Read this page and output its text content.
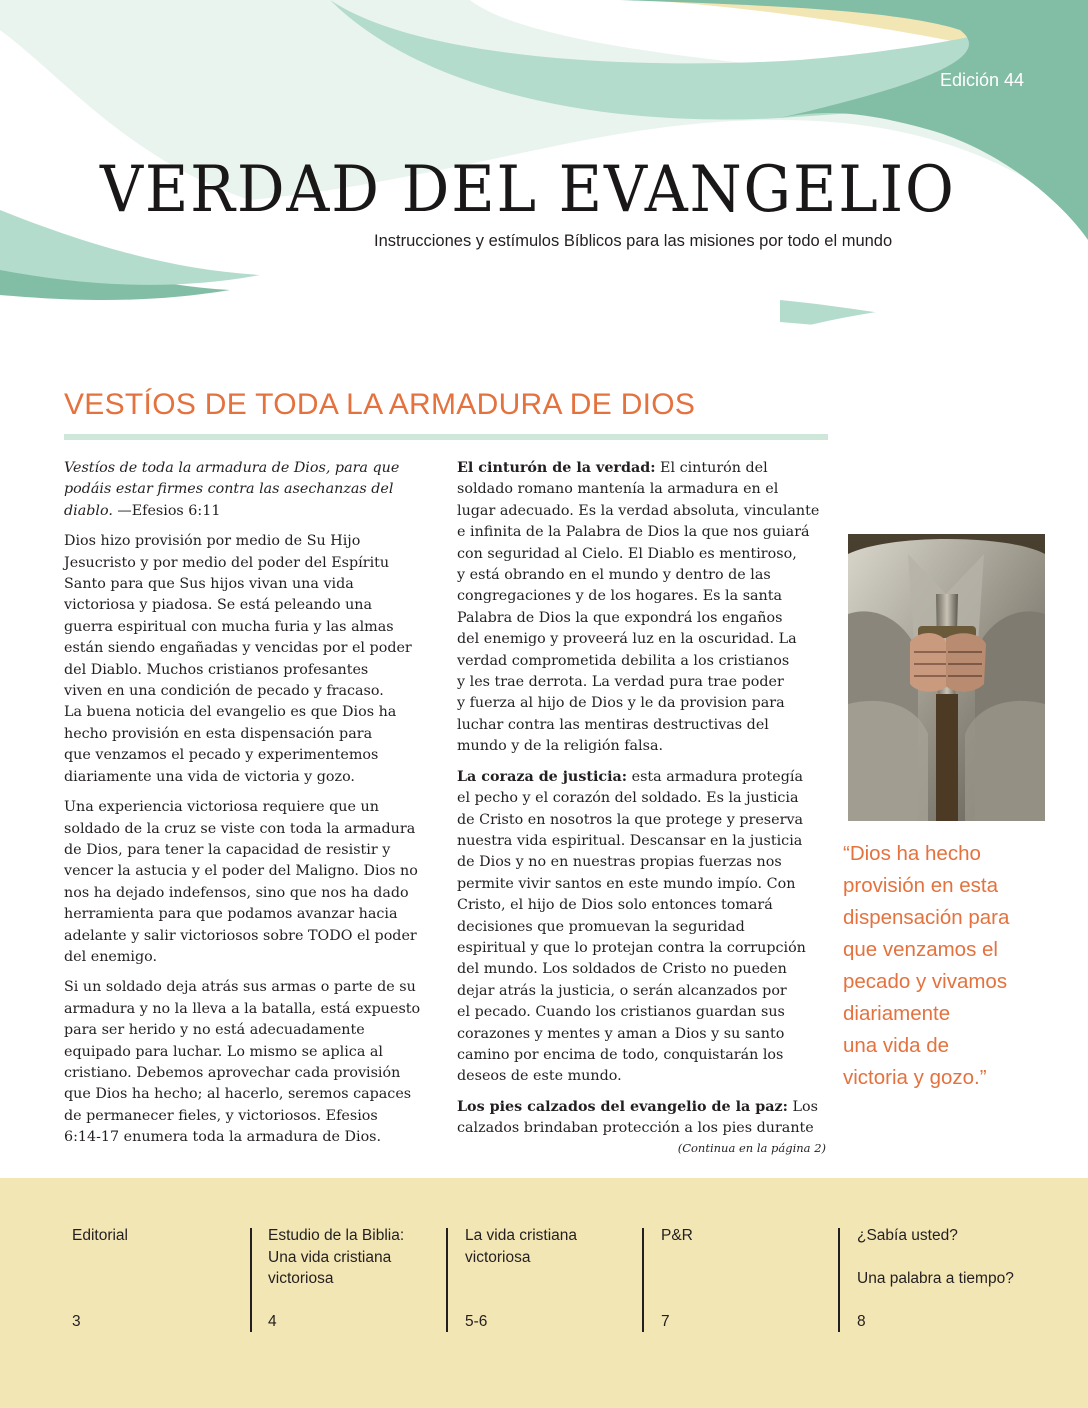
Edición 44
VERDAD DEL EVANGELIO
Instrucciones y estímulos Bíblicos para las misiones por todo el mundo
VESTÍOS DE TODA LA ARMADURA DE DIOS

Vestíos de toda la armadura de Dios, para que
podáis estar firmes contra las asechanzas del
diablo. —Efesios 6:11

Dios hizo provisión por medio de Su Hijo
Jesucristo y por medio del poder del Espíritu
Santo para que Sus hijos vivan una vida
victoriosa y piadosa. Se está peleando una
guerra espiritual con mucha furia y las almas
están siendo engañadas y vencidas por el poder
del Diablo. Muchos cristianos profesantes
viven en una condición de pecado y fracaso.
La buena noticia del evangelio es que Dios ha
hecho provisión en esta dispensación para
que venzamos el pecado y experimentemos
diariamente una vida de victoria y gozo.

Una experiencia victoriosa requiere que un
soldado de la cruz se viste con toda la armadura
de Dios, para tener la capacidad de resistir y
vencer la astucia y el poder del Maligno. Dios no
nos ha dejado indefensos, sino que nos ha dado
herramienta para que podamos avanzar hacia
adelante y salir victoriosos sobre TODO el poder
del enemigo.

Si un soldado deja atrás sus armas o parte de su
armadura y no la lleva a la batalla, está expuesto
para ser herido y no está adecuadamente
equipado para luchar. Lo mismo se aplica al
cristiano. Debemos aprovechar cada provisión
que Dios ha hecho; al hacerlo, seremos capaces
de permanecer fieles, y victoriosos. Efesios
6:14-17 enumera toda la armadura de Dios.

El cinturón de la verdad: El cinturón del
soldado romano mantenía la armadura en el
lugar adecuado. Es la verdad absoluta, vinculante
e infinita de la Palabra de Dios la que nos guiará
con seguridad al Cielo. El Diablo es mentiroso,
y está obrando en el mundo y dentro de las
congregaciones y de los hogares. Es la santa
Palabra de Dios la que expondrá los engaños
del enemigo y proveerá luz en la oscuridad. La
verdad comprometida debilita a los cristianos
y les trae derrota. La verdad pura trae poder
y fuerza al hijo de Dios y le da provision para
luchar contra las mentiras destructivas del
mundo y de la religión falsa.

La coraza de justicia: esta armadura protegía
el pecho y el corazón del soldado. Es la justicia
de Cristo en nosotros la que protege y preserva
nuestra vida espiritual. Descansar en la justicia
de Dios y no en nuestras propias fuerzas nos
permite vivir santos en este mundo impío. Con
Cristo, el hijo de Dios solo entonces tomará
decisiones que promuevan la seguridad
espiritual y que lo protejan contra la corrupción
del mundo. Los soldados de Cristo no pueden
dejar atrás la justicia, o serán alcanzados por
el pecado. Cuando los cristianos guardan sus
corazones y mentes y aman a Dios y su santo
camino por encima de todo, conquistarán los
deseos de este mundo.

Los pies calzados del evangelio de la paz: Los
calzados brindaban protección a los pies durante

(Continua en la página 2)
“Dios ha hecho
provisión en esta
dispensación para
que venzamos el
pecado y vivamos
diariamente
una vida de
victoria y gozo.”
Editorial
3
Estudio de la Biblia:
Una vida cristiana
victoriosa
4
La vida cristiana
victoriosa
5-6
P&R
7
¿Sabía usted?

Una palabra a tiempo?
8
